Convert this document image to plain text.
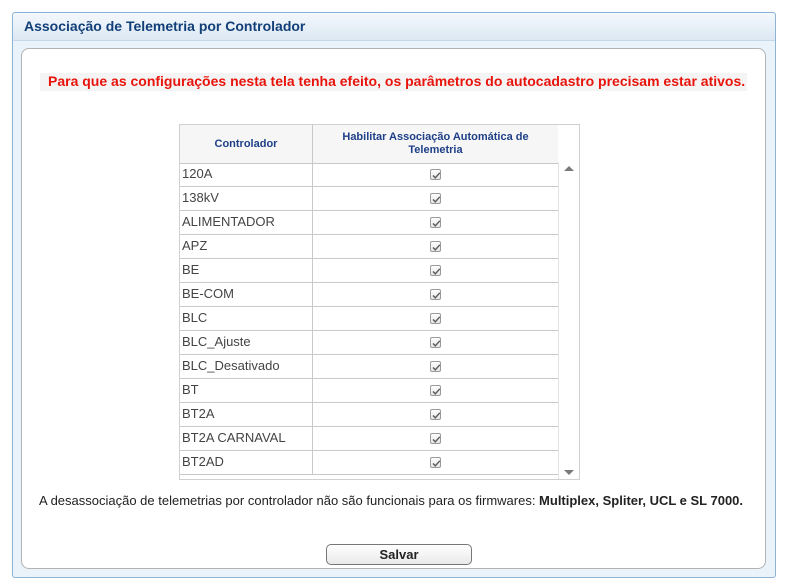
Associação de Telemetria por Controlador
Para que as configurações nesta tela tenha efeito, os parâmetros do autocadastro precisam estar ativos.
Controlador
Habilitar Associação Automática de Telemetria
120A
138kV
ALIMENTADOR
APZ
BE
BE-COM
BLC
BLC_Ajuste
BLC_Desativado
BT
BT2A
BT2A CARNAVAL
BT2AD
A desassociação de telemetrias por controlador não são funcionais para os firmwares: Multiplex, Spliter, UCL e SL 7000.
Salvar
